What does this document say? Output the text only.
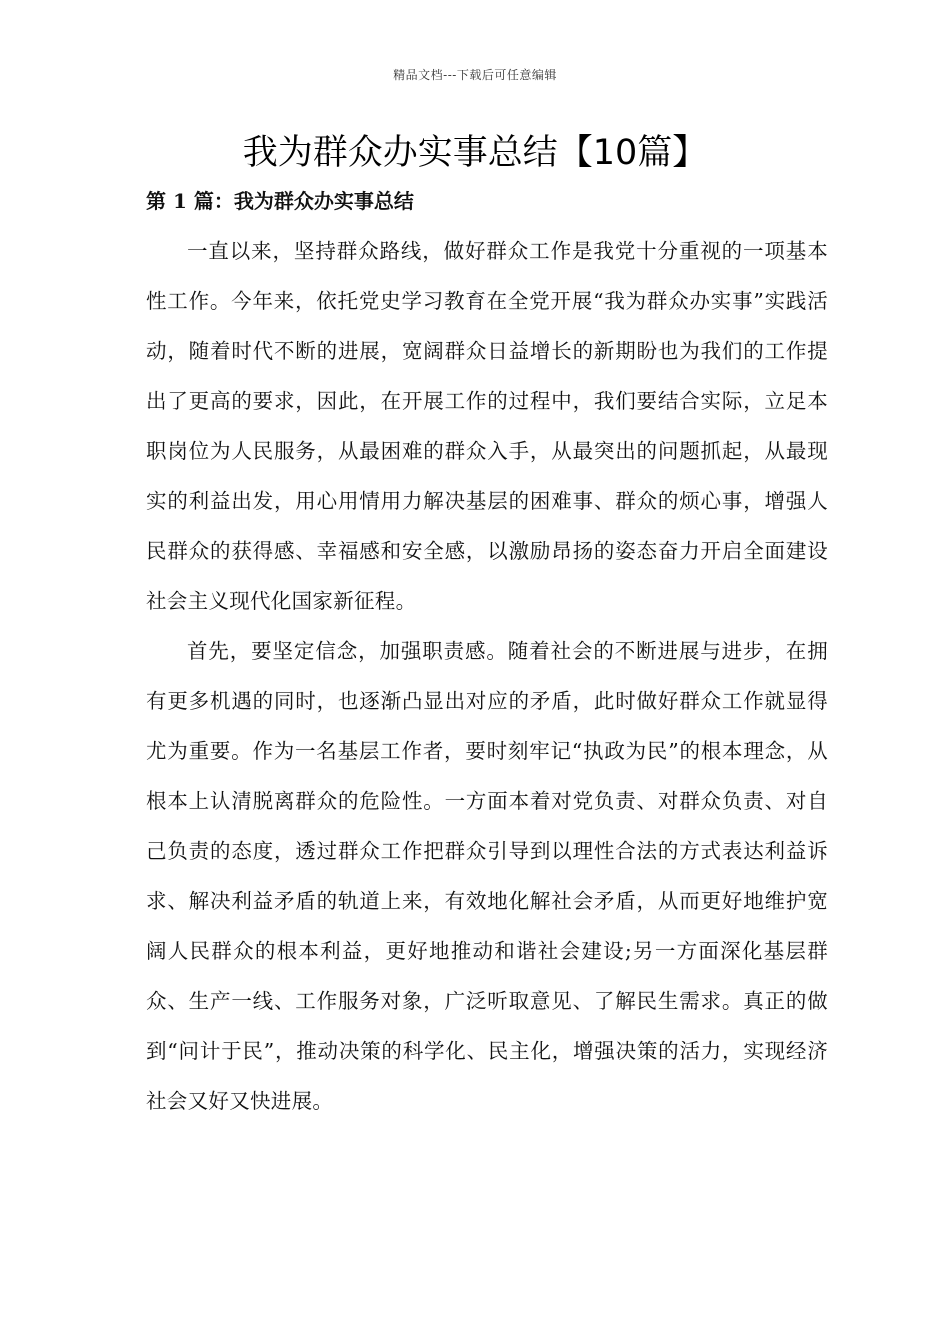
精品文档---下载后可任意编辑
我为群众办实事总结【10篇】
第 1 篇：我为群众办实事总结

一直以来，坚持群众路线，做好群众工作是我党十分重视的一项基本性工作。今年来，依托党史学习教育在全党开展“我为群众办实事”实践活动，随着时代不断的进展，宽阔群众日益增长的新期盼也为我们的工作提出了更高的要求，因此，在开展工作的过程中，我们要结合实际，立足本职岗位为人民服务，从最困难的群众入手，从最突出的问题抓起，从最现实的利益出发，用心用情用力解决基层的困难事、群众的烦心事，增强人民群众的获得感、幸福感和安全感，以激励昂扬的姿态奋力开启全面建设社会主义现代化国家新征程。

首先，要坚定信念，加强职责感。随着社会的不断进展与进步，在拥有更多机遇的同时，也逐渐凸显出对应的矛盾，此时做好群众工作就显得尤为重要。作为一名基层工作者，要时刻牢记“执政为民”的根本理念，从根本上认清脱离群众的危险性。一方面本着对党负责、对群众负责、对自己负责的态度，透过群众工作把群众引导到以理性合法的方式表达利益诉求、解决利益矛盾的轨道上来，有效地化解社会矛盾，从而更好地维护宽阔人民群众的根本利益，更好地推动和谐社会建设;另一方面深化基层群众、生产一线、工作服务对象，广泛听取意见、了解民生需求。真正的做到“问计于民”，推动决策的科学化、民主化，增强决策的活力，实现经济社会又好又快进展。
